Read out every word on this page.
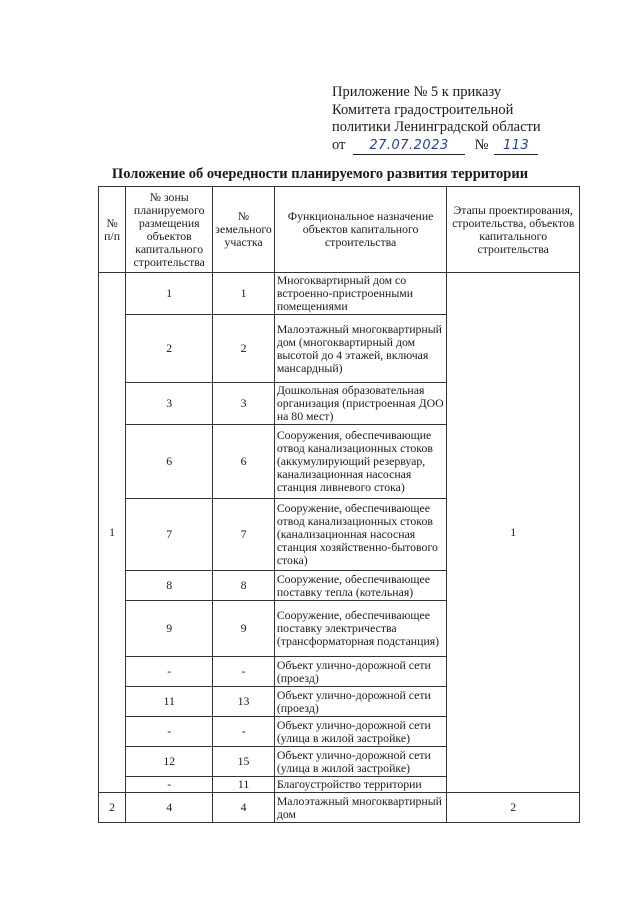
Приложение № 5 к приказу
Комитета градостроительной
политики Ленинградской области
от 27.07.2023 № 113
Положение об очередности планируемого развития территории
№ п/п	№ зоны планируемого размещения объектов капитального строительства	№ земельного участка	Функциональное назначение объектов капитального строительства	Этапы проектирования, строительства, объектов капитального строительства
1	1	1	Многоквартирный дом со встроенно-пристроенными помещениями	1
	2	2	Малоэтажный многоквартирный дом (многоквартирный дом высотой до 4 этажей, включая мансардный)	
	3	3	Дошкольная образовательная организация (пристроенная ДОО на 80 мест)	
	6	6	Сооружения, обеспечивающие отвод канализационных стоков (аккумулирующий резервуар, канализационная насосная станция ливневого стока)	
	7	7	Сооружение, обеспечивающее отвод канализационных стоков (канализационная насосная станция хозяйственно-бытового стока)	
	8	8	Сооружение, обеспечивающее поставку тепла (котельная)	
	9	9	Сооружение, обеспечивающее поставку электричества (трансформаторная подстанция)	
	-	-	Объект улично-дорожной сети (проезд)	
	11	13	Объект улично-дорожной сети (проезд)	
	-	-	Объект улично-дорожной сети (улица в жилой застройке)	
	12	15	Объект улично-дорожной сети (улица в жилой застройке)	
	-	11	Благоустройство территории	
2	4	4	Малоэтажный многоквартирный дом	2
